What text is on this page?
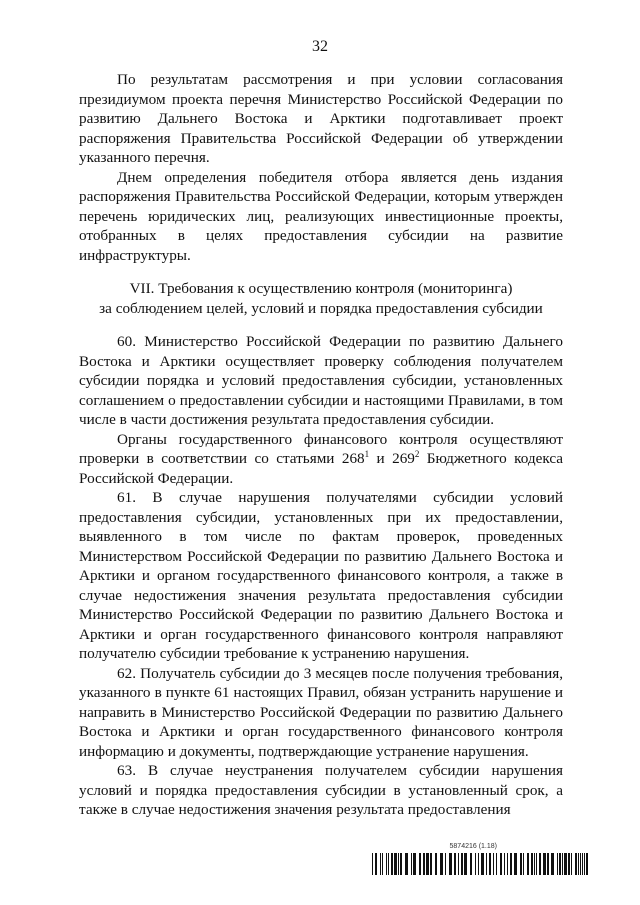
32

По результатам рассмотрения и при условии согласования президиумом проекта перечня Министерство Российской Федерации по развитию Дальнего Востока и Арктики подготавливает проект распоряжения Правительства Российской Федерации об утверждении указанного перечня.

Днем определения победителя отбора является день издания распоряжения Правительства Российской Федерации, которым утвержден перечень юридических лиц, реализующих инвестиционные проекты, отобранных в целях предоставления субсидии на развитие инфраструктуры.

VII. Требования к осуществлению контроля (мониторинга)
за соблюдением целей, условий и порядка предоставления субсидии

60. Министерство Российской Федерации по развитию Дальнего Востока и Арктики осуществляет проверку соблюдения получателем субсидии порядка и условий предоставления субсидии, установленных соглашением о предоставлении субсидии и настоящими Правилами, в том числе в части достижения результата предоставления субсидии.

Органы государственного финансового контроля осуществляют проверки в соответствии со статьями $268^1$ и $269^2$ Бюджетного кодекса Российской Федерации.

61. В случае нарушения получателями субсидии условий предоставления субсидии, установленных при их предоставлении, выявленного в том числе по фактам проверок, проведенных Министерством Российской Федерации по развитию Дальнего Востока и Арктики и органом государственного финансового контроля, а также в случае недостижения значения результата предоставления субсидии Министерство Российской Федерации по развитию Дальнего Востока и Арктики и орган государственного финансового контроля направляют получателю субсидии требование к устранению нарушения.

62. Получатель субсидии до 3 месяцев после получения требования, указанного в пункте 61 настоящих Правил, обязан устранить нарушение и направить в Министерство Российской Федерации по развитию Дальнего Востока и Арктики и орган государственного финансового контроля информацию и документы, подтверждающие устранение нарушения.

63. В случае неустранения получателем субсидии нарушения условий и порядка предоставления субсидии в установленный срок, а также в случае недостижения значения результата предоставления

5874216 (1.18)
